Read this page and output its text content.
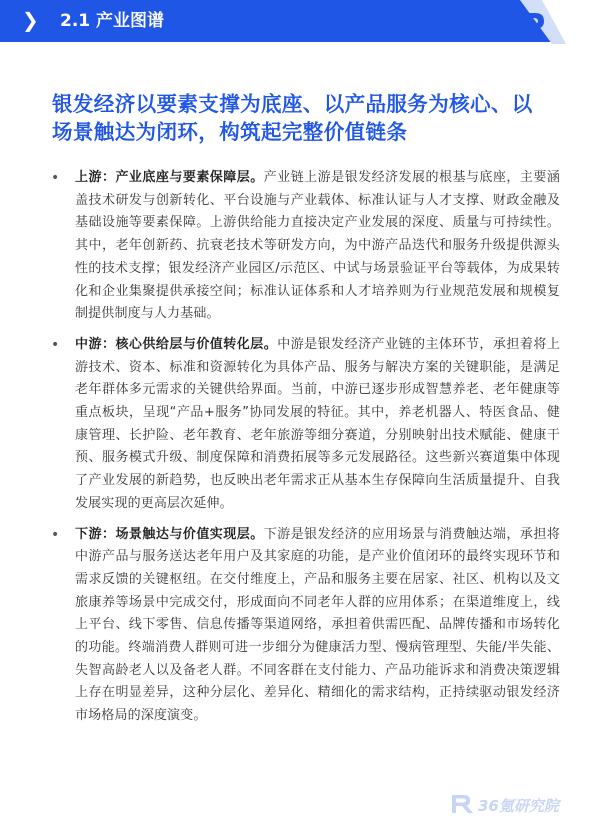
❯ 2.1 产业图谱
银发经济以要素支撑为底座、以产品服务为核心、以场景触达为闭环，构筑起完整价值链条
• 上游：产业底座与要素保障层。产业链上游是银发经济发展的根基与底座，主要涵盖技术研发与创新转化、平台设施与产业载体、标准认证与人才支撑、财政金融及基础设施等要素保障。上游供给能力直接决定产业发展的深度、质量与可持续性。其中，老年创新药、抗衰老技术等研发方向，为中游产品迭代和服务升级提供源头性的技术支撑；银发经济产业园区/示范区、中试与场景验证平台等载体，为成果转化和企业集聚提供承接空间；标准认证体系和人才培养则为行业规范发展和规模复制提供制度与人力基础。
• 中游：核心供给层与价值转化层。中游是银发经济产业链的主体环节，承担着将上游技术、资本、标准和资源转化为具体产品、服务与解决方案的关键职能，是满足老年群体多元需求的关键供给界面。当前，中游已逐步形成智慧养老、老年健康等重点板块，呈现“产品+服务”协同发展的特征。其中，养老机器人、特医食品、健康管理、长护险、老年教育、老年旅游等细分赛道，分别映射出技术赋能、健康干预、服务模式升级、制度保障和消费拓展等多元发展路径。这些新兴赛道集中体现了产业发展的新趋势，也反映出老年需求正从基本生存保障向生活质量提升、自我发展实现的更高层次延伸。
• 下游：场景触达与价值实现层。下游是银发经济的应用场景与消费触达端，承担将中游产品与服务送达老年用户及其家庭的功能，是产业价值闭环的最终实现环节和需求反馈的关键枢纽。在交付维度上，产品和服务主要在居家、社区、机构以及文旅康养等场景中完成交付，形成面向不同老年人群的应用体系；在渠道维度上，线上平台、线下零售、信息传播等渠道网络，承担着供需匹配、品牌传播和市场转化的功能。终端消费人群则可进一步细分为健康活力型、慢病管理型、失能/半失能、失智高龄老人以及备老人群。不同客群在支付能力、产品功能诉求和消费决策逻辑上存在明显差异，这种分层化、差异化、精细化的需求结构，正持续驱动银发经济市场格局的深度演变。
36氪研究院
